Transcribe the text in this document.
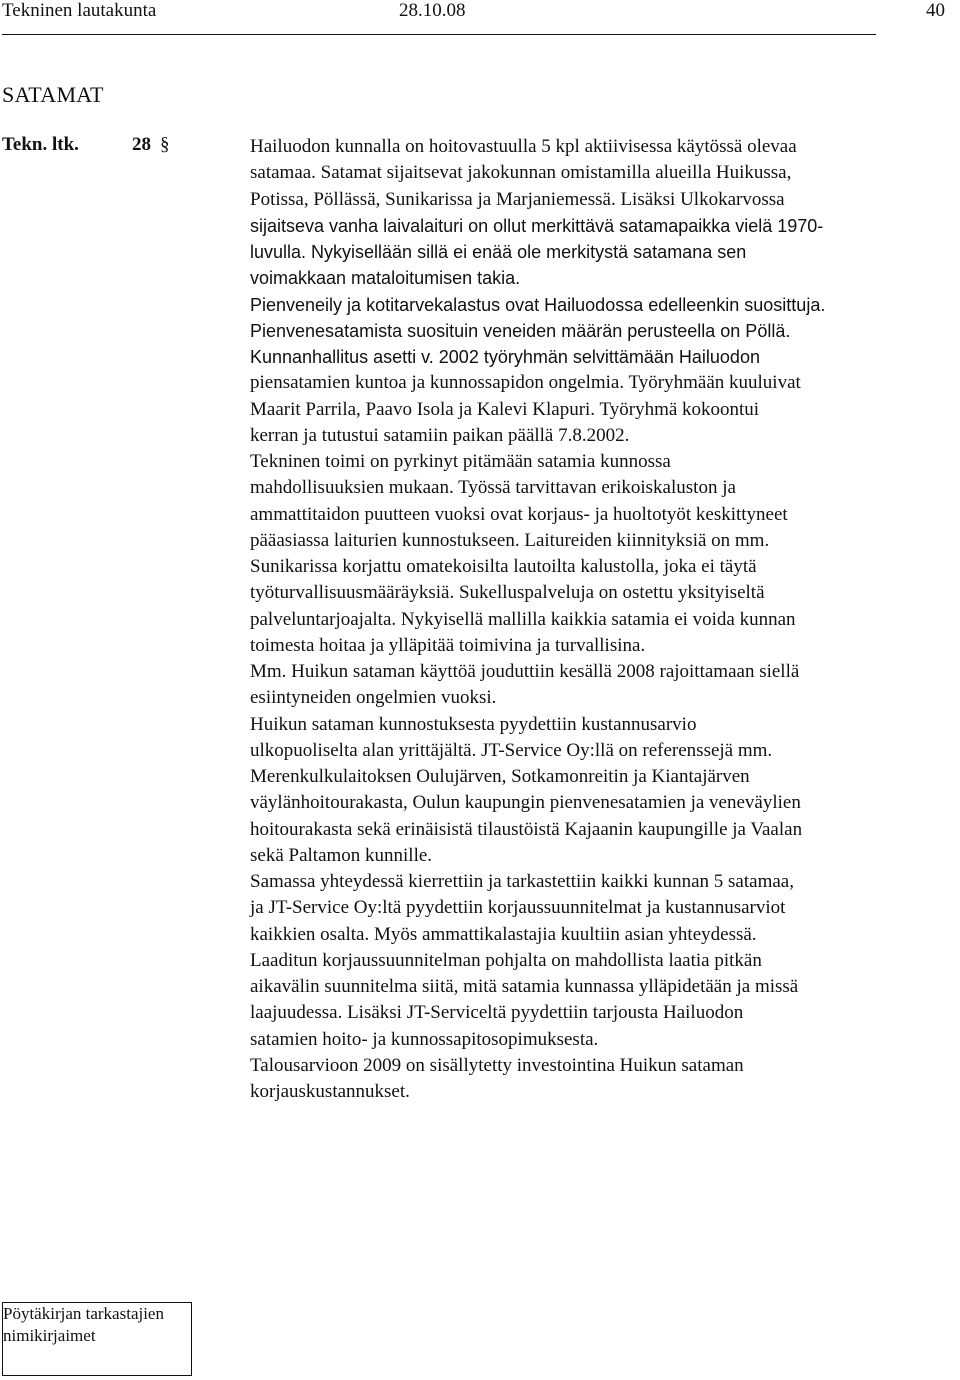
Tekninen lautakunta	28.10.08	40
SATAMAT
Tekn. ltk.	28 §	Hailuodon kunnalla on hoitovastuulla 5 kpl aktiivisessa käytössä olevaa
satamaa. Satamat sijaitsevat jakokunnan omistamilla alueilla Huikussa,
Potissa, Pöllässä, Sunikarissa ja Marjaniemessä. Lisäksi Ulkokarvossa
sijaitseva vanha laivalaituri on ollut merkittävä satamapaikka vielä 1970-
luvulla. Nykyisellään sillä ei enää ole merkitystä satamana sen
voimakkaan mataloitumisen takia.
Pienveneily ja kotitarvekalastus ovat Hailuodossa edelleenkin suosittuja.
Pienvenesatamista suosituin veneiden määrän perusteella on Pöllä.
Kunnanhallitus asetti v. 2002 työryhmän selvittämään Hailuodon
piensatamien kuntoa ja kunnossapidon ongelmia. Työryhmään kuuluivat
Maarit Parrila, Paavo Isola ja Kalevi Klapuri. Työryhmä kokoontui
kerran ja tutustui satamiin paikan päällä 7.8.2002.
Tekninen toimi on pyrkinyt pitämään satamia kunnossa
mahdollisuuksien mukaan. Työssä tarvittavan erikoiskaluston ja
ammattitaidon puutteen vuoksi ovat korjaus- ja huoltotyöt keskittyneet
pääasiassa laiturien kunnostukseen. Laitureiden kiinnityksiä on mm.
Sunikarissa korjattu omatekoisilta lautoilta kalustolla, joka ei täytä
työturvallisuusmääräyksiä. Sukelluspalveluja on ostettu yksityiseltä
palveluntarjoajalta. Nykyisellä mallilla kaikkia satamia ei voida kunnan
toimesta hoitaa ja ylläpitää toimivina ja turvallisina.
Mm. Huikun sataman käyttöä jouduttiin kesällä 2008 rajoittamaan siellä
esiintyneiden ongelmien vuoksi.
Huikun sataman kunnostuksesta pyydettiin kustannusarvio
ulkopuoliselta alan yrittäjältä. JT-Service Oy:llä on referenssejä mm.
Merenkulkulaitoksen Oulujärven, Sotkamonreitin ja Kiantajärven
väylänhoitourakasta, Oulun kaupungin pienvenesatamien ja veneväylien
hoitourakasta sekä erinäisistä tilaustöistä Kajaanin kaupungille ja Vaalan
sekä Paltamon kunnille.
Samassa yhteydessä kierrettiin ja tarkastettiin kaikki kunnan 5 satamaa,
ja JT-Service Oy:ltä pyydettiin korjaussuunnitelmat ja kustannusarviot
kaikkien osalta. Myös ammattikalastajia kuultiin asian yhteydessä.
Laaditun korjaussuunnitelman pohjalta on mahdollista laatia pitkän
aikavälin suunnitelma siitä, mitä satamia kunnassa ylläpidetään ja missä
laajuudessa. Lisäksi JT-Serviceltä pyydettiin tarjousta Hailuodon
satamien hoito- ja kunnossapitosopimuksesta.
Talousarvioon 2009 on sisällytetty investointina Huikun sataman
korjauskustannukset.
Pöytäkirjan tarkastajien
nimikirjaimet
